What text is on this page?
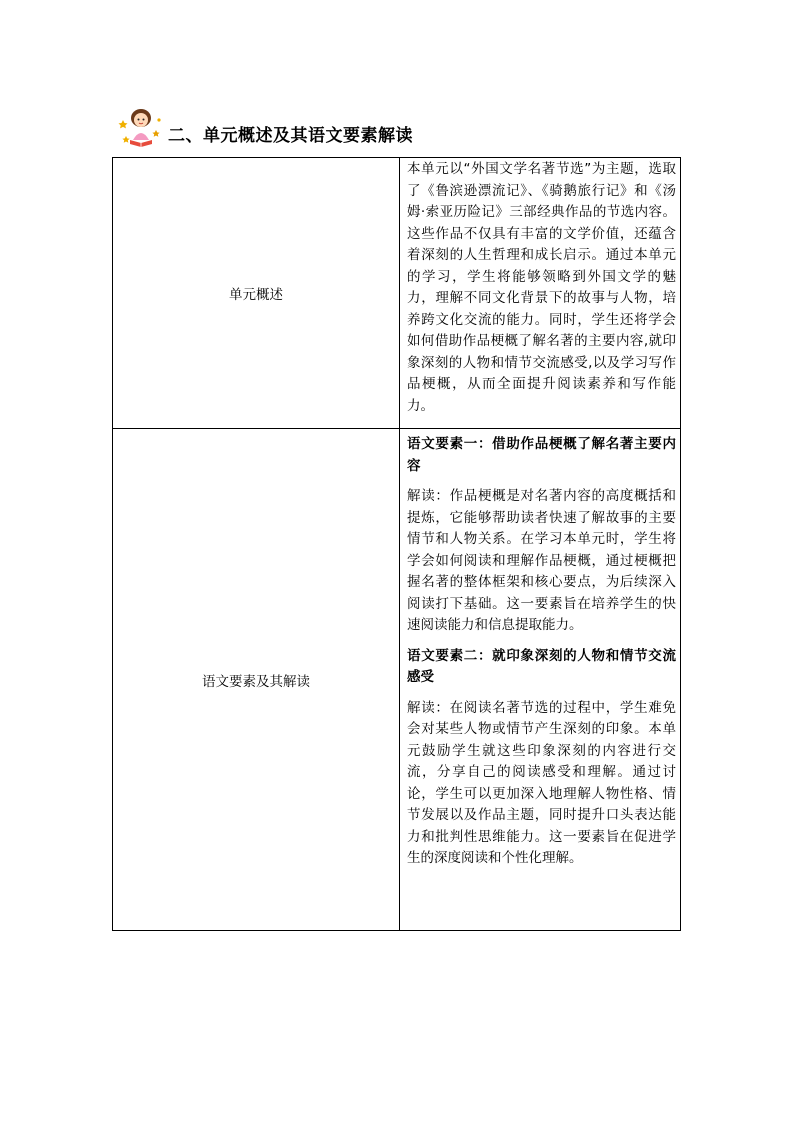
二、单元概述及其语文要素解读
单元概述	本单元以“外国文学名著节选”为主题，选取了《鲁滨逊漂流记》、《骑鹅旅行记》和《汤姆·索亚历险记》三部经典作品的节选内容。这些作品不仅具有丰富的文学价值，还蕴含着深刻的人生哲理和成长启示。通过本单元的学习，学生将能够领略到外国文学的魅力，理解不同文化背景下的故事与人物，培养跨文化交流的能力。同时，学生还将学会如何借助作品梗概了解名著的主要内容,就印象深刻的人物和情节交流感受,以及学习写作品梗概，从而全面提升阅读素养和写作能力。

语文要素及其解读	语文要素一：借助作品梗概了解名著主要内容
解读：作品梗概是对名著内容的高度概括和提炼，它能够帮助读者快速了解故事的主要情节和人物关系。在学习本单元时，学生将学会如何阅读和理解作品梗概，通过梗概把握名著的整体框架和核心要点，为后续深入阅读打下基础。这一要素旨在培养学生的快速阅读能力和信息提取能力。
语文要素二：就印象深刻的人物和情节交流感受
解读：在阅读名著节选的过程中，学生难免会对某些人物或情节产生深刻的印象。本单元鼓励学生就这些印象深刻的内容进行交流，分享自己的阅读感受和理解。通过讨论，学生可以更加深入地理解人物性格、情节发展以及作品主题，同时提升口头表达能力和批判性思维能力。这一要素旨在促进学生的深度阅读和个性化理解。
